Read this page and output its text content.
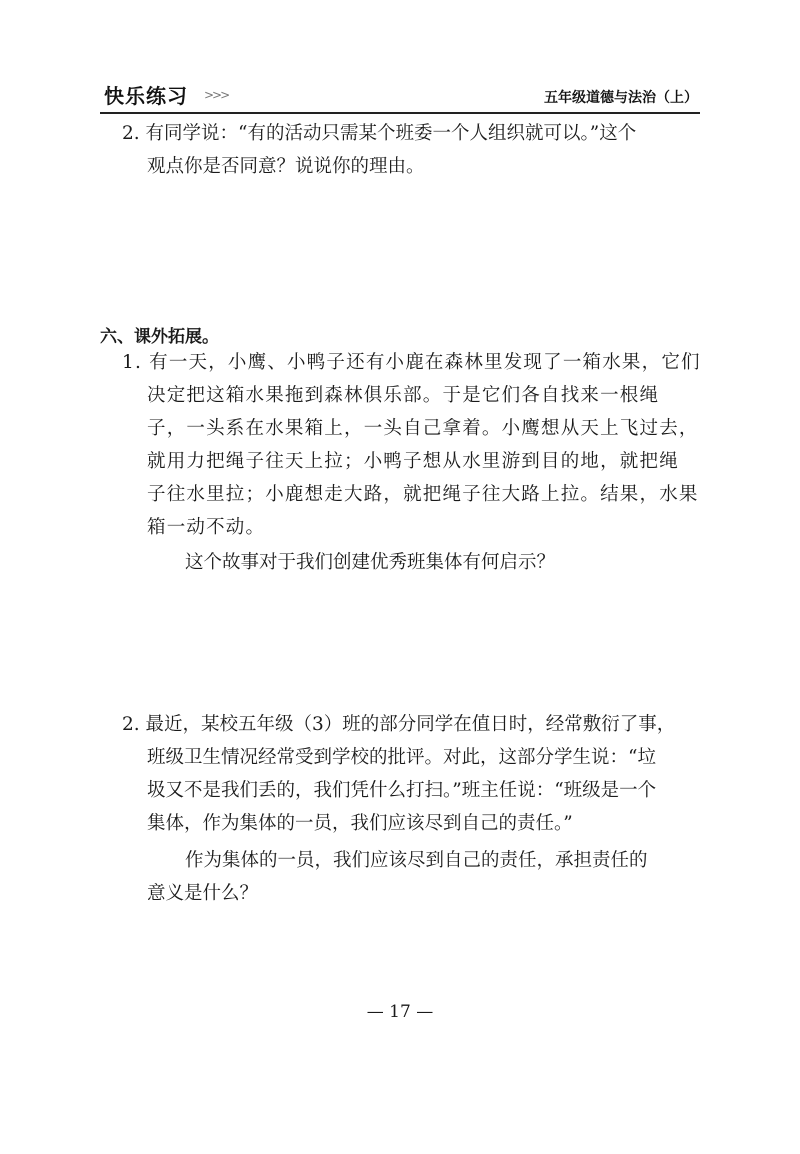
快乐练习 >>>	五年级道德与法治（上）
2. 有同学说：“有的活动只需某个班委一个人组织就可以。”这个
观点你是否同意？说说你的理由。
六、课外拓展。
1. 有一天，小鹰、小鸭子还有小鹿在森林里发现了一箱水果，它们
决定把这箱水果拖到森林俱乐部。于是它们各自找来一根绳
子，一头系在水果箱上，一头自己拿着。小鹰想从天上飞过去，
就用力把绳子往天上拉；小鸭子想从水里游到目的地，就把绳
子往水里拉；小鹿想走大路，就把绳子往大路上拉。结果，水果
箱一动不动。
这个故事对于我们创建优秀班集体有何启示？
2. 最近，某校五年级（3）班的部分同学在值日时，经常敷衍了事，
班级卫生情况经常受到学校的批评。对此，这部分学生说：“垃
圾又不是我们丢的，我们凭什么打扫。”班主任说：“班级是一个
集体，作为集体的一员，我们应该尽到自己的责任。”
作为集体的一员，我们应该尽到自己的责任，承担责任的
意义是什么？
— 17 —
